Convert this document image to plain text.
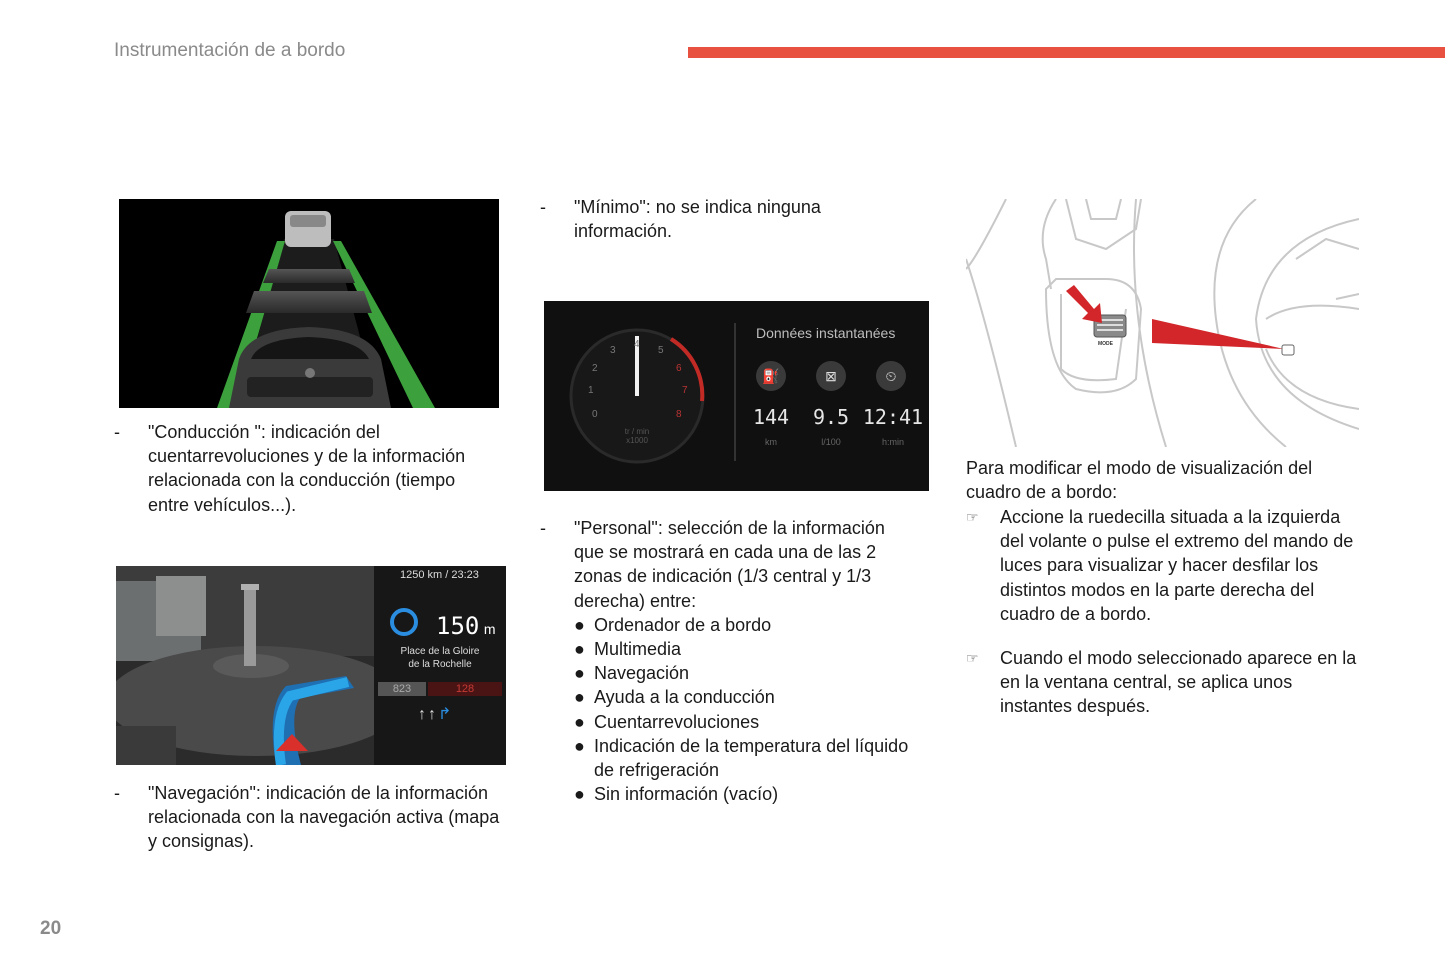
Instrumentación de a bordo
-	"Conducción ": indicación del cuentarrevoluciones y de la información relacionada con la conducción (tiempo entre vehículos...).
1250 km / 23:23
150 m
Place de la Gloire
de la Rochelle
823	128
↑↑↱
-	"Navegación": indicación de la información relacionada con la navegación activa (mapa y consignas).
-	"Mínimo": no se indica ninguna información.
0
1
2
3
4
5
6
7
8
tr / min
x1000
Données instantanées
⛽	⊠	⏲
144	9.5 12:41
km	l/100	h:min
-	"Personal": selección de la información que se mostrará en cada una de las 2 zonas de indicación (1/3 central y 1/3 derecha) entre:
● Ordenador de a bordo
● Multimedia
● Navegación
● Ayuda a la conducción
● Cuentarrevoluciones
● Indicación de la temperatura del líquido de refrigeración
● Sin información (vacío)
MODE
Para modificar el modo de visualización del cuadro de a bordo:
☞	Accione la ruedecilla situada a la izquierda del volante o pulse el extremo del mando de luces para visualizar y hacer desfilar los distintos modos en la parte derecha del cuadro de a bordo.
☞	Cuando el modo seleccionado aparece en la en la ventana central, se aplica unos instantes después.
20
